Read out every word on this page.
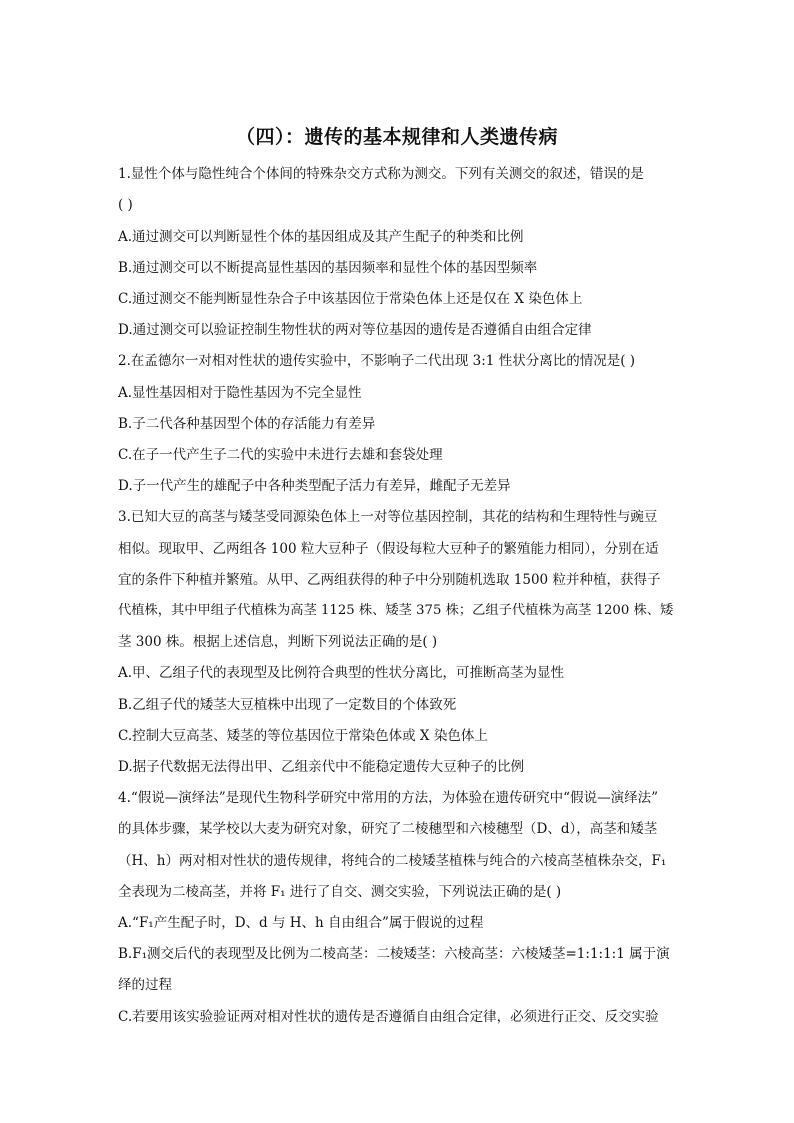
（四）：遗传的基本规律和人类遗传病
1.显性个体与隐性纯合个体间的特殊杂交方式称为测交。下列有关测交的叙述，错误的是
( )
A.通过测交可以判断显性个体的基因组成及其产生配子的种类和比例
B.通过测交可以不断提高显性基因的基因频率和显性个体的基因型频率
C.通过测交不能判断显性杂合子中该基因位于常染色体上还是仅在 X 染色体上
D.通过测交可以验证控制生物性状的两对等位基因的遗传是否遵循自由组合定律
2.在孟德尔一对相对性状的遗传实验中，不影响子二代出现 3:1 性状分离比的情况是( )
A.显性基因相对于隐性基因为不完全显性
B.子二代各种基因型个体的存活能力有差异
C.在子一代产生子二代的实验中未进行去雄和套袋处理
D.子一代产生的雄配子中各种类型配子活力有差异，雌配子无差异
3.已知大豆的高茎与矮茎受同源染色体上一对等位基因控制，其花的结构和生理特性与豌豆
相似。现取甲、乙两组各 100 粒大豆种子（假设每粒大豆种子的繁殖能力相同），分别在适
宜的条件下种植并繁殖。从甲、乙两组获得的种子中分别随机选取 1500 粒并种植，获得子
代植株，其中甲组子代植株为高茎 1125 株、矮茎 375 株；乙组子代植株为高茎 1200 株、矮
茎 300 株。根据上述信息，判断下列说法正确的是( )
A.甲、乙组子代的表现型及比例符合典型的性状分离比，可推断高茎为显性
B.乙组子代的矮茎大豆植株中出现了一定数目的个体致死
C.控制大豆高茎、矮茎的等位基因位于常染色体或 X 染色体上
D.据子代数据无法得出甲、乙组亲代中不能稳定遗传大豆种子的比例
4.“假说—演绎法”是现代生物科学研究中常用的方法，为体验在遗传研究中“假说—演绎法”
的具体步骤，某学校以大麦为研究对象，研究了二棱穗型和六棱穗型（D、d），高茎和矮茎
（H、h）两对相对性状的遗传规律，将纯合的二棱矮茎植株与纯合的六棱高茎植株杂交，F₁
全表现为二棱高茎，并将 F₁ 进行了自交、测交实验，下列说法正确的是( )
A.“F₁产生配子时，D、d 与 H、h 自由组合”属于假说的过程
B.F₁测交后代的表现型及比例为二棱高茎：二棱矮茎：六棱高茎：六棱矮茎=1:1:1:1 属于演
绎的过程
C.若要用该实验验证两对相对性状的遗传是否遵循自由组合定律，必须进行正交、反交实验
